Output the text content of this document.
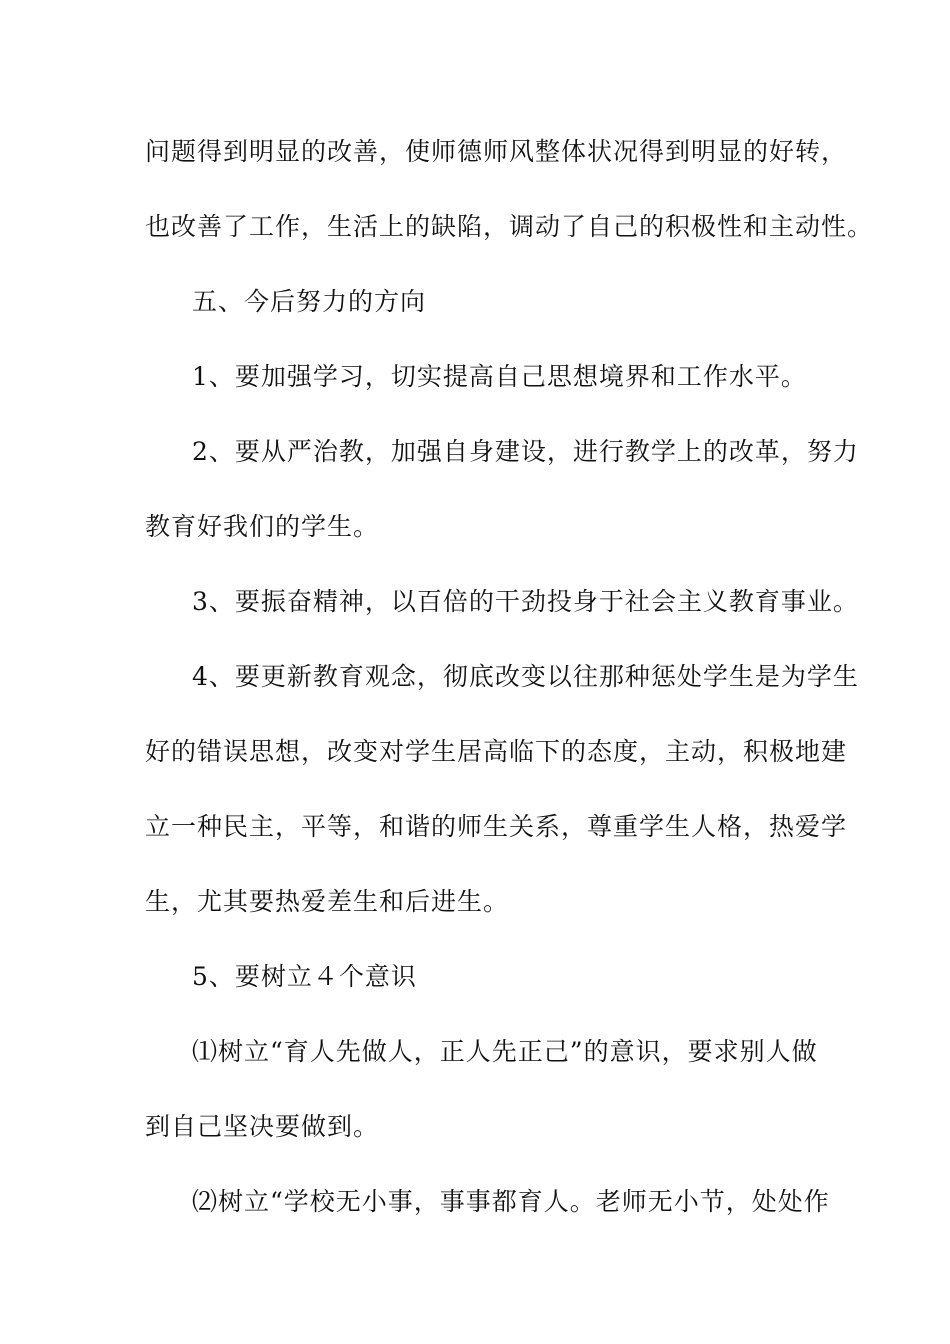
问题得到明显的改善，使师德师风整体状况得到明显的好转，
也改善了工作，生活上的缺陷，调动了自己的积极性和主动性。
五、今后努力的方向
1、要加强学习，切实提高自己思想境界和工作水平。
2、要从严治教，加强自身建设，进行教学上的改革，努力
教育好我们的学生。
3、要振奋精神，以百倍的干劲投身于社会主义教育事业。
4、要更新教育观念，彻底改变以往那种惩处学生是为学生
好的错误思想，改变对学生居高临下的态度，主动，积极地建
立一种民主，平等，和谐的师生关系，尊重学生人格，热爱学
生，尤其要热爱差生和后进生。
5、要树立４个意识
⑴树立“育人先做人，正人先正己”的意识，要求别人做
到自己坚决要做到。
⑵树立“学校无小事，事事都育人。老师无小节，处处作
